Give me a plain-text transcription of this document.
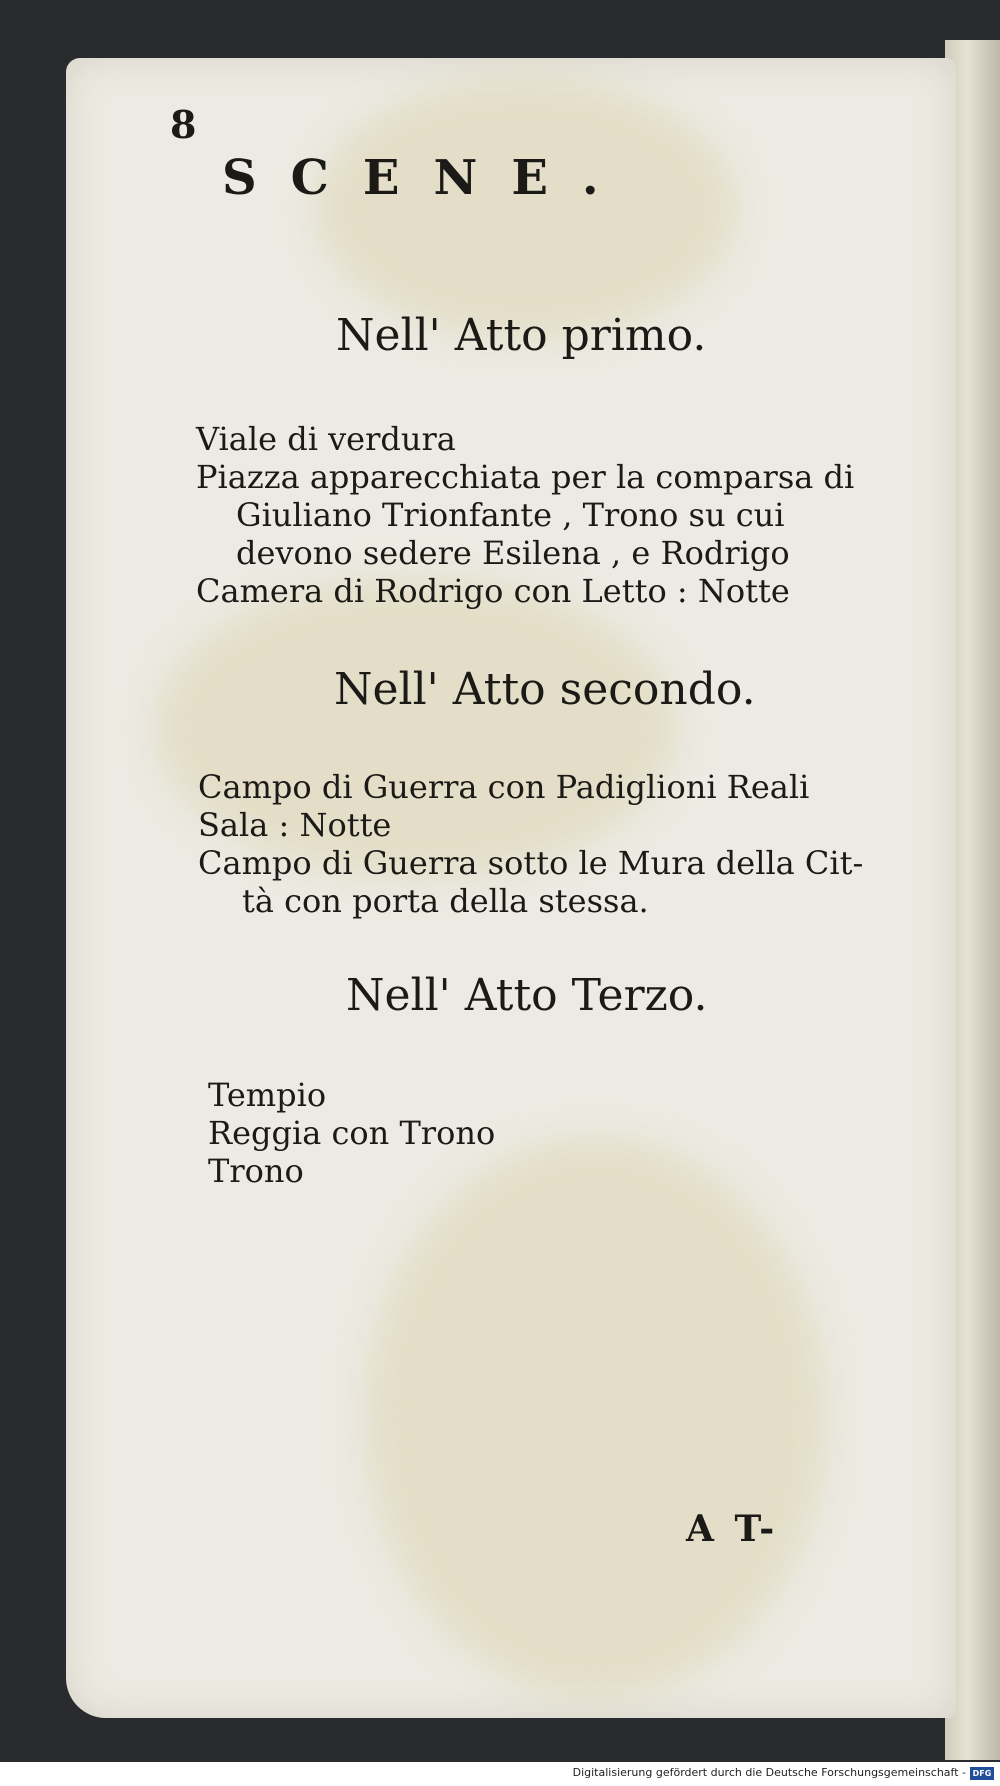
8
SCENE.
Nell' Atto primo.
Viale di verdura
Piazza apparecchiata per la comparsa di
Giuliano Trionfante , Trono su cui
devono sedere Esilena , e Rodrigo
Camera di Rodrigo con Letto : Notte
Nell' Atto secondo.
Campo di Guerra con Padiglioni Reali
Sala : Notte
Campo di Guerra sotto le Mura della Cit-
tà con porta della stessa.
Nell' Atto Terzo.
Tempio
Reggia con Trono
Trono
A T-
Digitalisierung gefördert durch die Deutsche Forschungsgemeinschaft - DFG
